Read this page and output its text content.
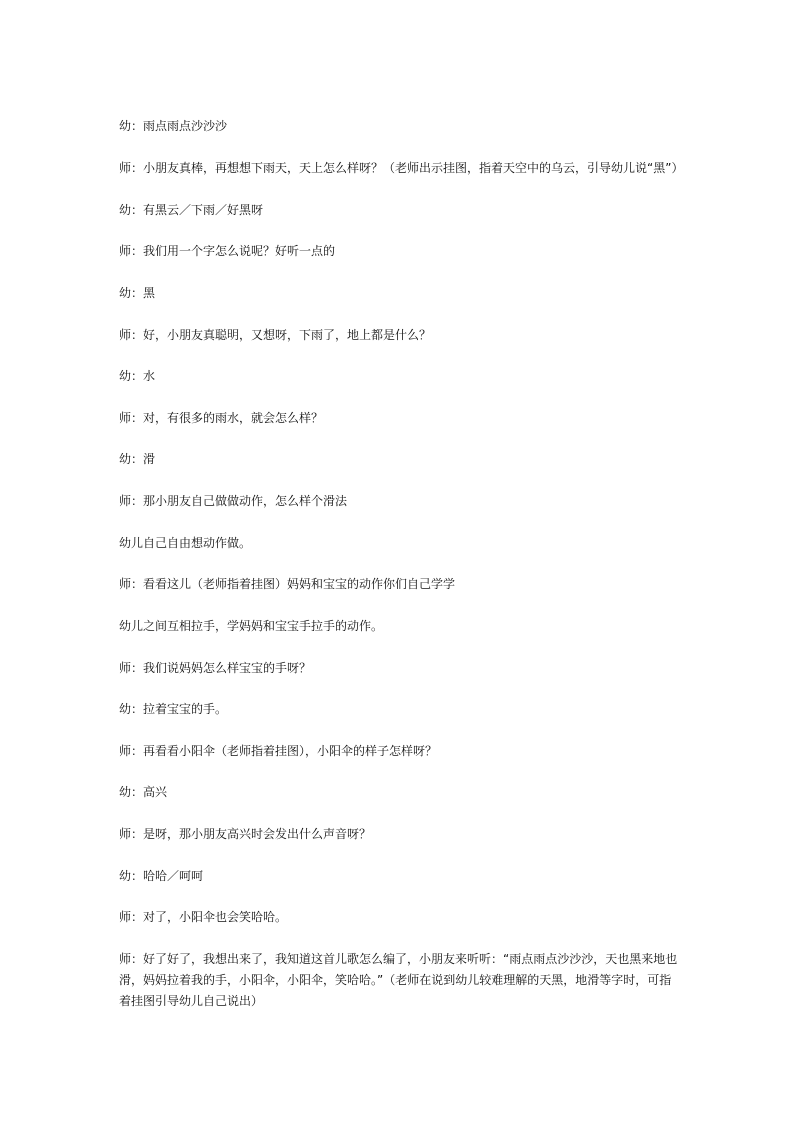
幼：雨点雨点沙沙沙

师：小朋友真棒，再想想下雨天，天上怎么样呀？（老师出示挂图，指着天空中的乌云，引导幼儿说“黑”）

幼：有黑云／下雨／好黑呀

师：我们用一个字怎么说呢？好听一点的

幼：黑

师：好，小朋友真聪明，又想呀，下雨了，地上都是什么？

幼：水

师：对，有很多的雨水，就会怎么样？

幼：滑

师：那小朋友自己做做动作，怎么样个滑法

幼儿自己自由想动作做。

师：看看这儿（老师指着挂图）妈妈和宝宝的动作你们自己学学

幼儿之间互相拉手，学妈妈和宝宝手拉手的动作。

师：我们说妈妈怎么样宝宝的手呀？

幼：拉着宝宝的手。

师：再看看小阳伞（老师指着挂图），小阳伞的样子怎样呀？

幼：高兴

师：是呀，那小朋友高兴时会发出什么声音呀？

幼：哈哈／呵呵

师：对了，小阳伞也会笑哈哈。

师：好了好了，我想出来了，我知道这首儿歌怎么编了，小朋友来听听：“雨点雨点沙沙沙，天也黑来地也滑，妈妈拉着我的手，小阳伞，小阳伞，笑哈哈。”（老师在说到幼儿较难理解的天黑，地滑等字时，可指着挂图引导幼儿自己说出）
